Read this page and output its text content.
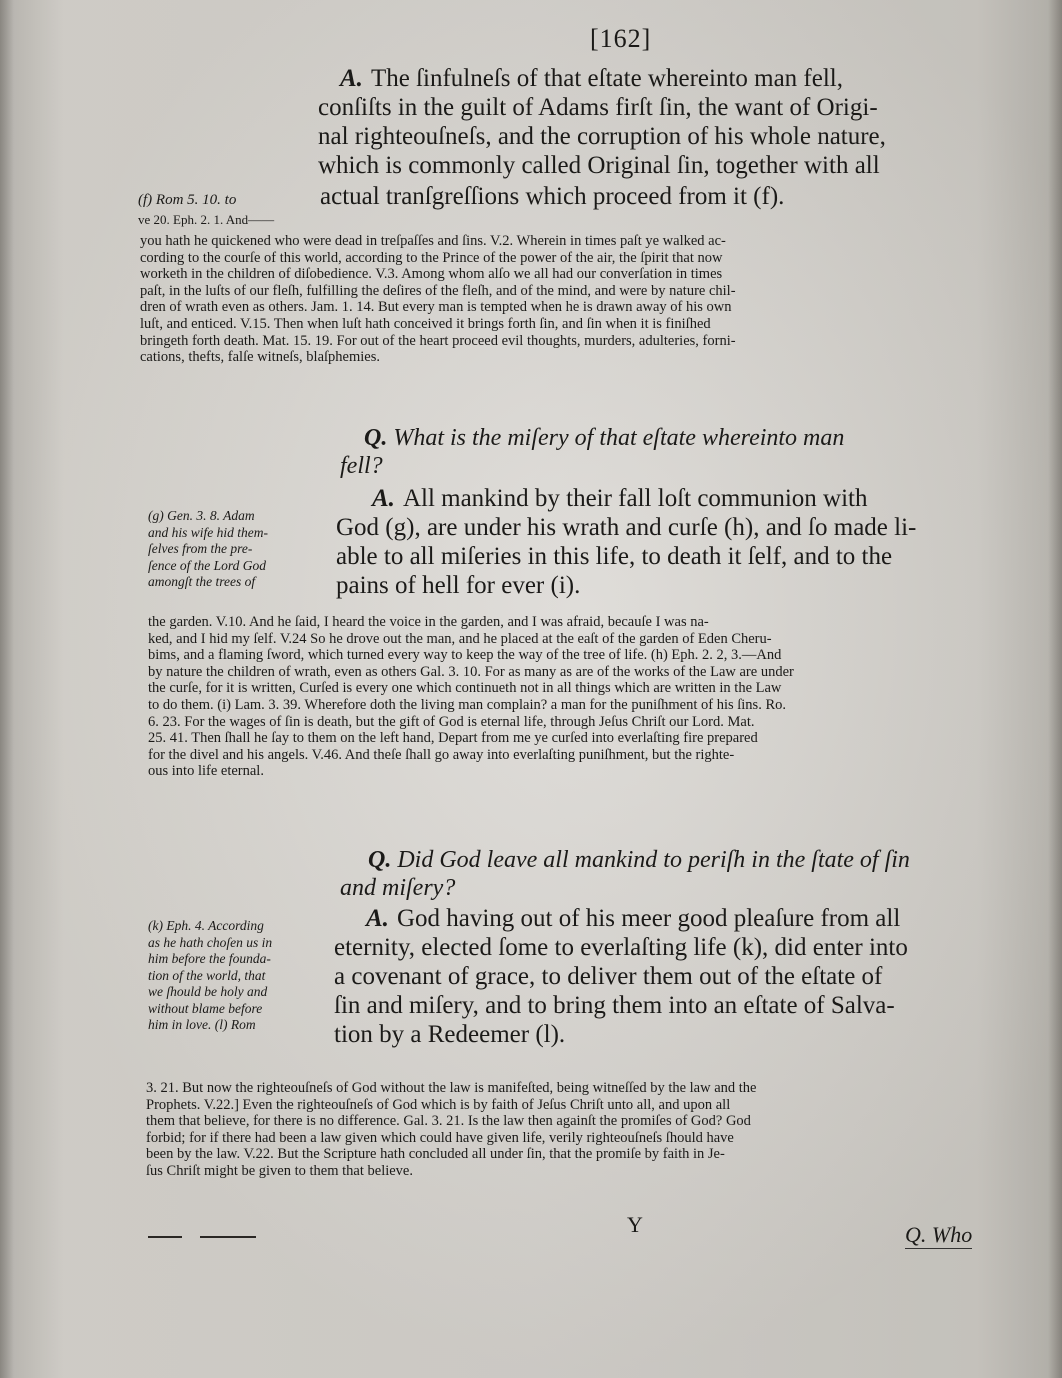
[162]
A. The ſinfulneſs of that eſtate whereinto man fell,
conſiſts in the guilt of Adams firſt ſin, the want of Origi-
nal righteouſneſs, and the corruption of his whole nature,
which is commonly called Original ſin, together with all
(f) Rom 5. 10. to	actual tranſgreſſions which proceed from it (f).
ve 20. Eph. 2. 1. And——
you hath he quickened who were dead in treſpaſſes and ſins. V.2. Wherein in times paſt ye walked ac-
cording to the courſe of this world, according to the Prince of the power of the air, the ſpirit that now
worketh in the children of diſobedience. V.3. Among whom alſo we all had our converſation in times
paſt, in the luſts of our fleſh, fulfilling the deſires of the fleſh, and of the mind, and were by nature chil-
dren of wrath even as others. Jam. 1. 14. But every man is tempted when he is drawn away of his own
luſt, and enticed. V.15. Then when luſt hath conceived it brings forth ſin, and ſin when it is finiſhed
bringeth forth death. Mat. 15. 19. For out of the heart proceed evil thoughts, murders, adulteries, forni-
cations, thefts, falſe witneſs, blaſphemies.
Q. What is the miſery of that eſtate whereinto man
fell?
A. All mankind by their fall loſt communion with
God (g), are under his wrath and curſe (h), and ſo made li-
able to all miſeries in this life, to death it ſelf, and to the
pains of hell for ever (i).
(g) Gen. 3. 8. Adam
and his wife hid them-
ſelves from the pre-
ſence of the Lord God
amongſt the trees of
the garden. V.10. And he ſaid, I heard the voice in the garden, and I was afraid, becauſe I was na-
ked, and I hid my ſelf. V.24 So he drove out the man, and he placed at the eaſt of the garden of Eden Cheru-
bims, and a flaming ſword, which turned every way to keep the way of the tree of life. (h) Eph. 2. 2, 3.—And
by nature the children of wrath, even as others Gal. 3. 10. For as many as are of the works of the Law are under
the curſe, for it is written, Curſed is every one which continueth not in all things which are written in the Law
to do them. (i) Lam. 3. 39. Wherefore doth the living man complain? a man for the puniſhment of his ſins. Ro.
6. 23. For the wages of ſin is death, but the gift of God is eternal life, through Jeſus Chriſt our Lord. Mat.
25. 41. Then ſhall he ſay to them on the left hand, Depart from me ye curſed into everlaſting fire prepared
for the divel and his angels. V.46. And theſe ſhall go away into everlaſting puniſhment, but the righte-
ous into life eternal.
Q. Did God leave all mankind to periſh in the ſtate of ſin
and miſery?
A. God having out of his meer good pleaſure from all
eternity, elected ſome to everlaſting life (k), did enter into
a covenant of grace, to deliver them out of the eſtate of
ſin and miſery, and to bring them into an eſtate of Salva-
tion by a Redeemer (l).
(k) Eph. 4. According
as he hath choſen us in
him before the founda-
tion of the world, that
we ſhould be holy and
without blame before
him in love. (l) Rom
3. 21. But now the righteouſneſs of God without the law is manifeſted, being witneſſed by the law and the
Prophets. V.22.] Even the righteouſneſs of God which is by faith of Jeſus Chriſt unto all, and upon all
them that believe, for there is no difference. Gal. 3. 21. Is the law then againſt the promiſes of God? God
forbid; for if there had been a law given which could have given life, verily righteouſneſs ſhould have
been by the law. V.22. But the Scripture hath concluded all under ſin, that the promiſe by faith in Je-
ſus Chriſt might be given to them that believe.
Y	Q. Who
